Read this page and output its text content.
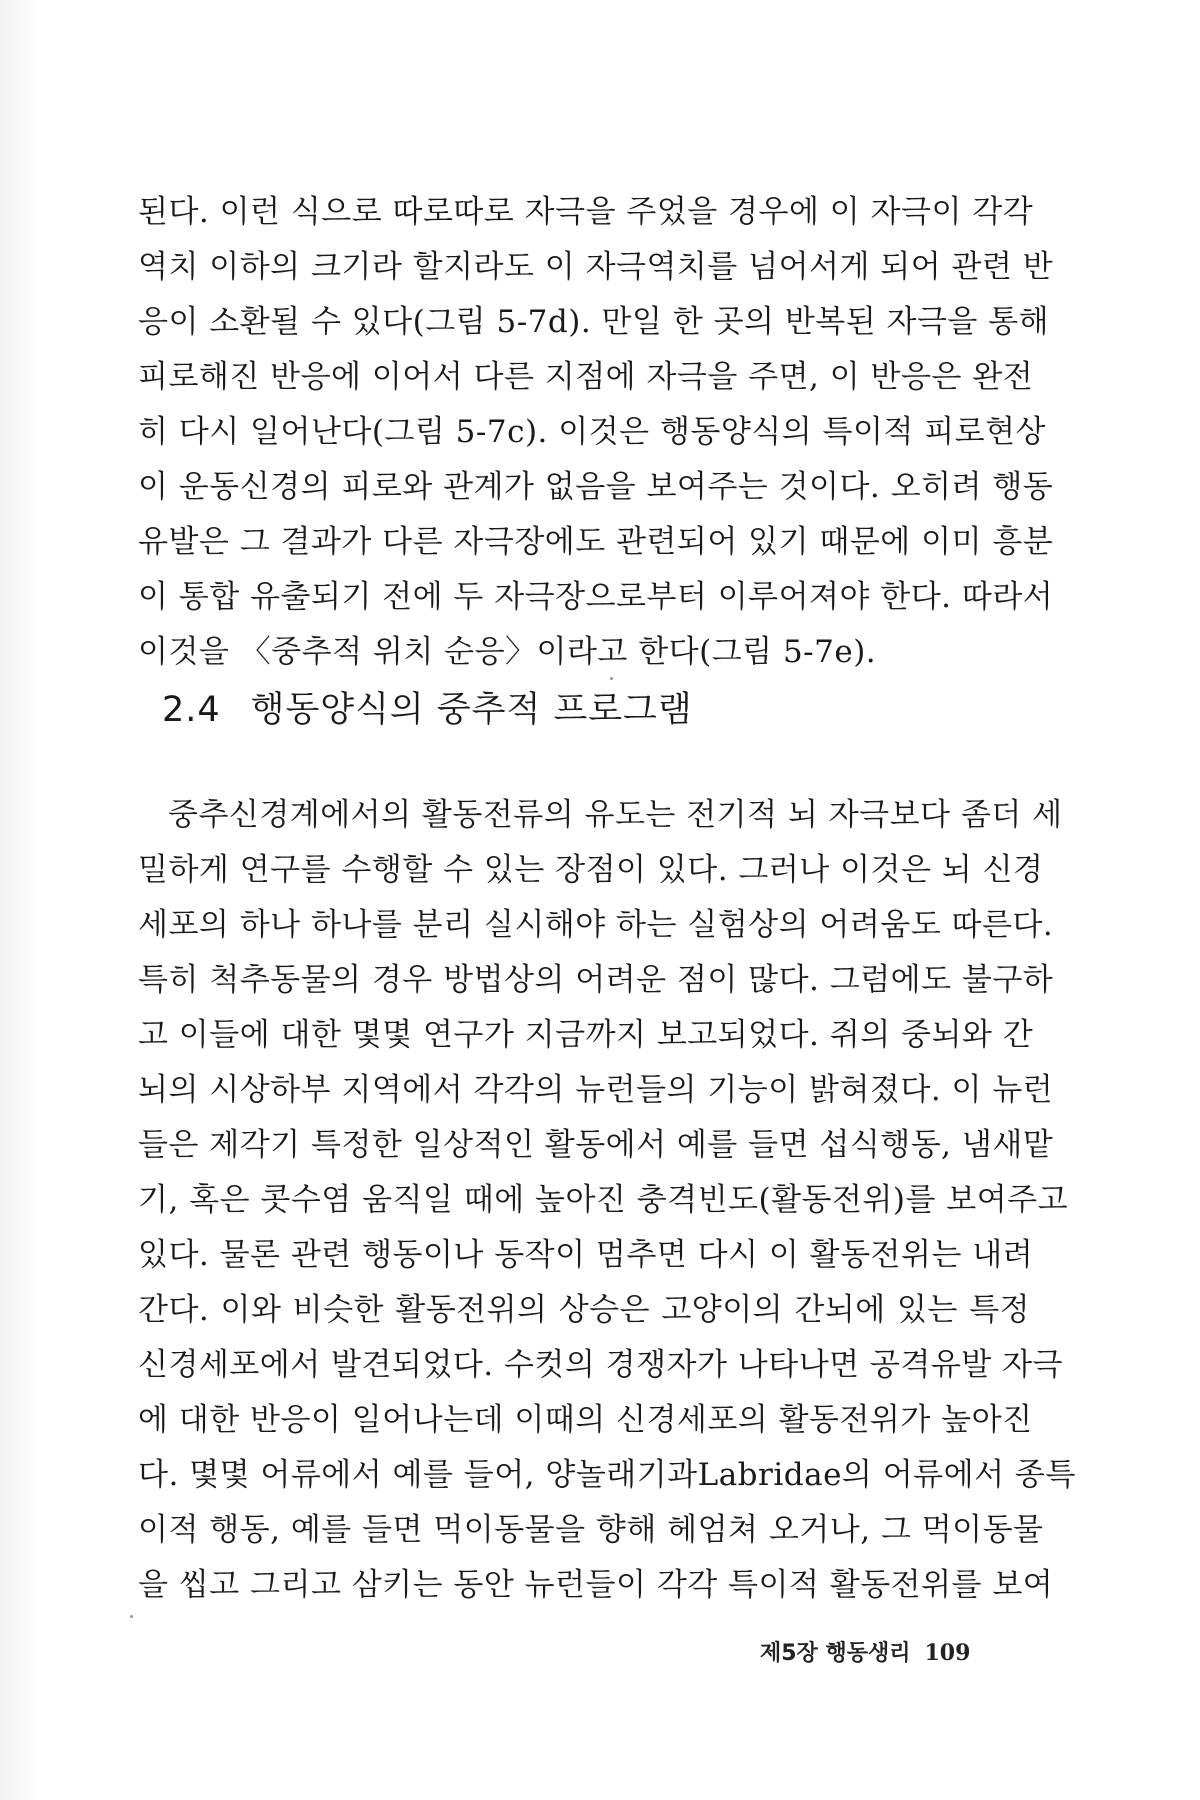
된다. 이런 식으로 따로따로 자극을 주었을 경우에 이 자극이 각각
역치 이하의 크기라 할지라도 이 자극역치를 넘어서게 되어 관련 반
응이 소환될 수 있다(그림 5-7d). 만일 한 곳의 반복된 자극을 통해
피로해진 반응에 이어서 다른 지점에 자극을 주면, 이 반응은 완전
히 다시 일어난다(그림 5-7c). 이것은 행동양식의 특이적 피로현상
이 운동신경의 피로와 관계가 없음을 보여주는 것이다. 오히려 행동
유발은 그 결과가 다른 자극장에도 관련되어 있기 때문에 이미 흥분
이 통합 유출되기 전에 두 자극장으로부터 이루어져야 한다. 따라서
이것을 〈중추적 위치 순응〉이라고 한다(그림 5-7e).
2.4 행동양식의 중추적 프로그램
중추신경계에서의 활동전류의 유도는 전기적 뇌 자극보다 좀더 세
밀하게 연구를 수행할 수 있는 장점이 있다. 그러나 이것은 뇌 신경
세포의 하나 하나를 분리 실시해야 하는 실험상의 어려움도 따른다.
특히 척추동물의 경우 방법상의 어려운 점이 많다. 그럼에도 불구하
고 이들에 대한 몇몇 연구가 지금까지 보고되었다. 쥐의 중뇌와 간
뇌의 시상하부 지역에서 각각의 뉴런들의 기능이 밝혀졌다. 이 뉴런
들은 제각기 특정한 일상적인 활동에서 예를 들면 섭식행동, 냄새맡
기, 혹은 콧수염 움직일 때에 높아진 충격빈도(활동전위)를 보여주고
있다. 물론 관련 행동이나 동작이 멈추면 다시 이 활동전위는 내려
간다. 이와 비슷한 활동전위의 상승은 고양이의 간뇌에 있는 특정
신경세포에서 발견되었다. 수컷의 경쟁자가 나타나면 공격유발 자극
에 대한 반응이 일어나는데 이때의 신경세포의 활동전위가 높아진
다. 몇몇 어류에서 예를 들어, 양놀래기과Labridae의 어류에서 종특
이적 행동, 예를 들면 먹이동물을 향해 헤엄쳐 오거나, 그 먹이동물
을 씹고 그리고 삼키는 동안 뉴런들이 각각 특이적 활동전위를 보여
제5장 행동생리 109
